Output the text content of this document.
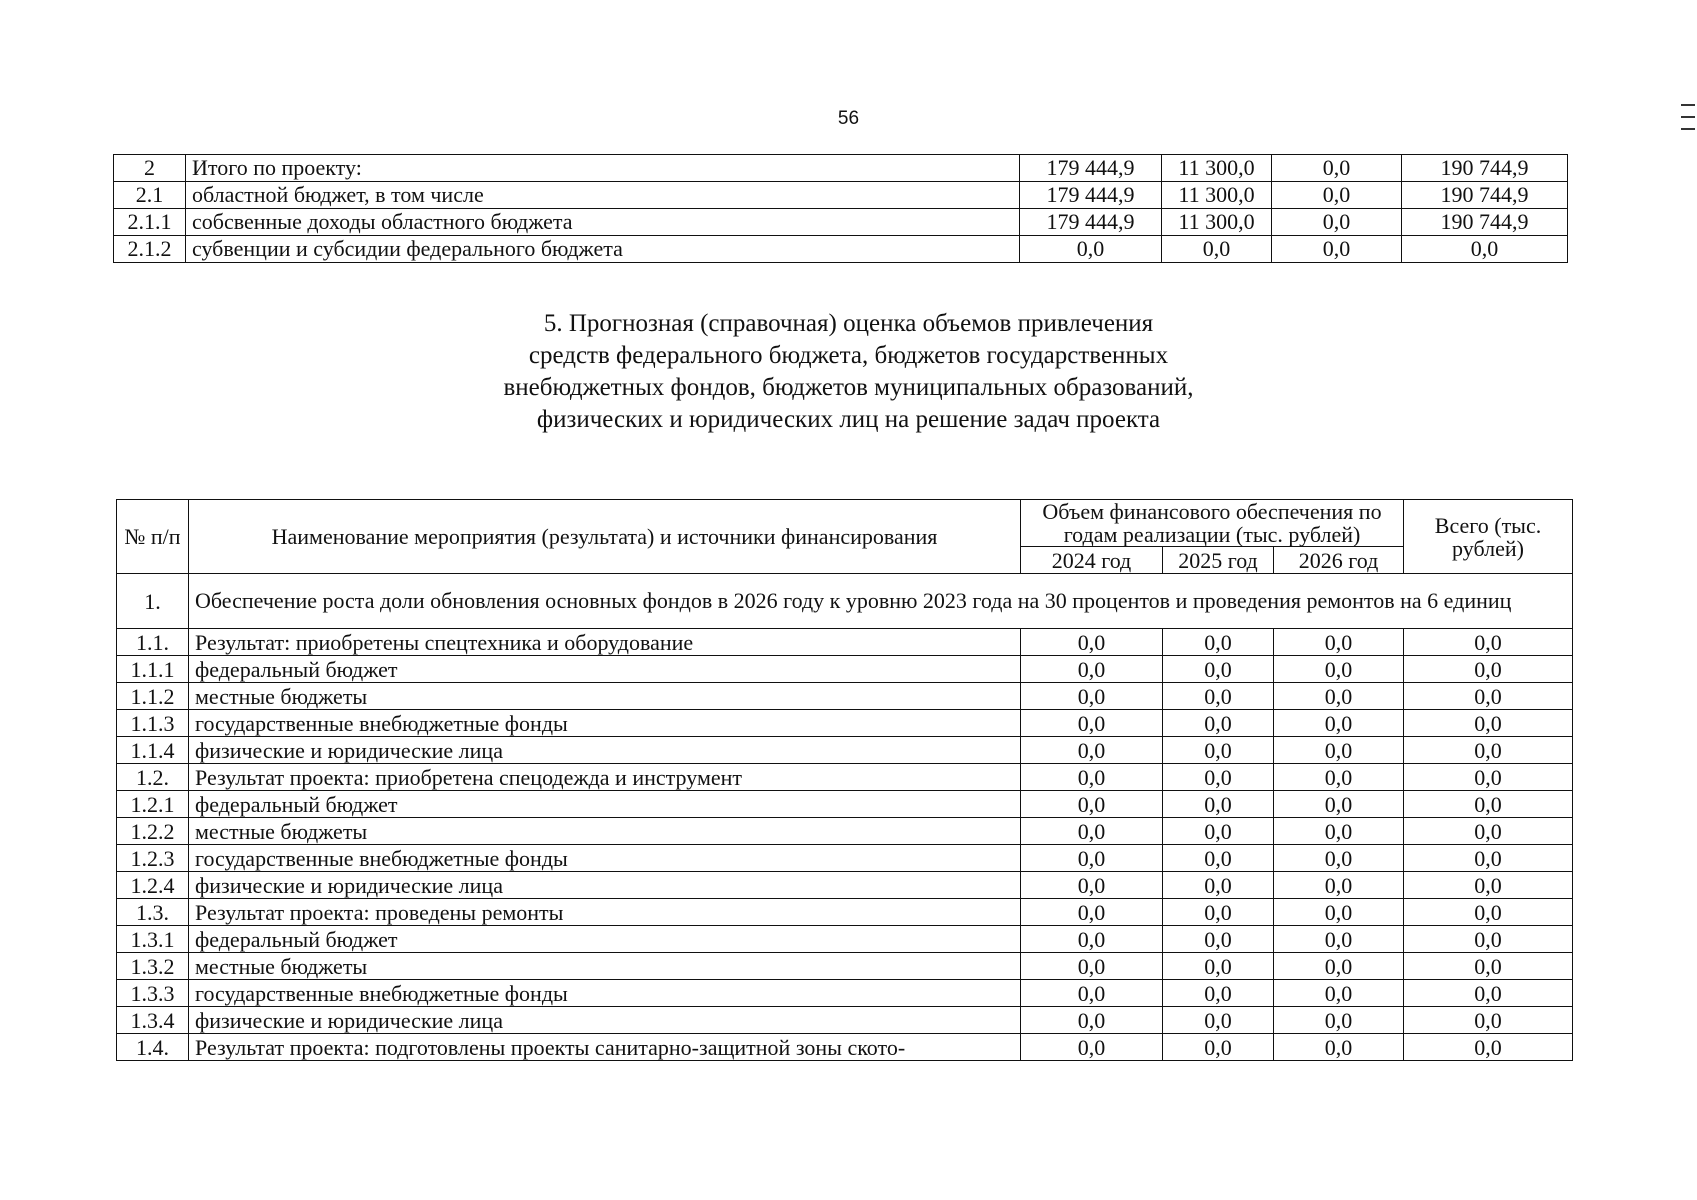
56
2	Итого по проекту:	179 444,9	11 300,0	0,0	190 744,9
2.1	областной бюджет, в том числе	179 444,9	11 300,0	0,0	190 744,9
2.1.1	собсвенные доходы областного бюджета	179 444,9	11 300,0	0,0	190 744,9
2.1.2	субвенции и субсидии федерального бюджета	0,0	0,0	0,0	0,0
5. Прогнозная (справочная) оценка объемов привлечения
средств федерального бюджета, бюджетов государственных
внебюджетных фондов, бюджетов муниципальных образований,
физических и юридических лиц на решение задач проекта
№ п/п	Наименование мероприятия (результата) и источники финансирования	Объем финансового обеспечения по годам реализации (тыс. рублей)			Всего (тыс. рублей)
		2024 год	2025 год	2026 год	
1.	Обеспечение роста доли обновления основных фондов в 2026 году к уровню 2023 года на 30 процентов и проведения ремонтов на 6 единиц				
1.1.	Результат: приобретены спецтехника и оборудование	0,0	0,0	0,0	0,0
1.1.1	федеральный бюджет	0,0	0,0	0,0	0,0
1.1.2	местные бюджеты	0,0	0,0	0,0	0,0
1.1.3	государственные внебюджетные фонды	0,0	0,0	0,0	0,0
1.1.4	физические и юридические лица	0,0	0,0	0,0	0,0
1.2.	Результат проекта: приобретена спецодежда и инструмент	0,0	0,0	0,0	0,0
1.2.1	федеральный бюджет	0,0	0,0	0,0	0,0
1.2.2	местные бюджеты	0,0	0,0	0,0	0,0
1.2.3	государственные внебюджетные фонды	0,0	0,0	0,0	0,0
1.2.4	физические и юридические лица	0,0	0,0	0,0	0,0
1.3.	Результат проекта: проведены ремонты	0,0	0,0	0,0	0,0
1.3.1	федеральный бюджет	0,0	0,0	0,0	0,0
1.3.2	местные бюджеты	0,0	0,0	0,0	0,0
1.3.3	государственные внебюджетные фонды	0,0	0,0	0,0	0,0
1.3.4	физические и юридические лица	0,0	0,0	0,0	0,0
1.4.	Результат проекта: подготовлены проекты санитарно-защитной зоны ското-	0,0	0,0	0,0	0,0
